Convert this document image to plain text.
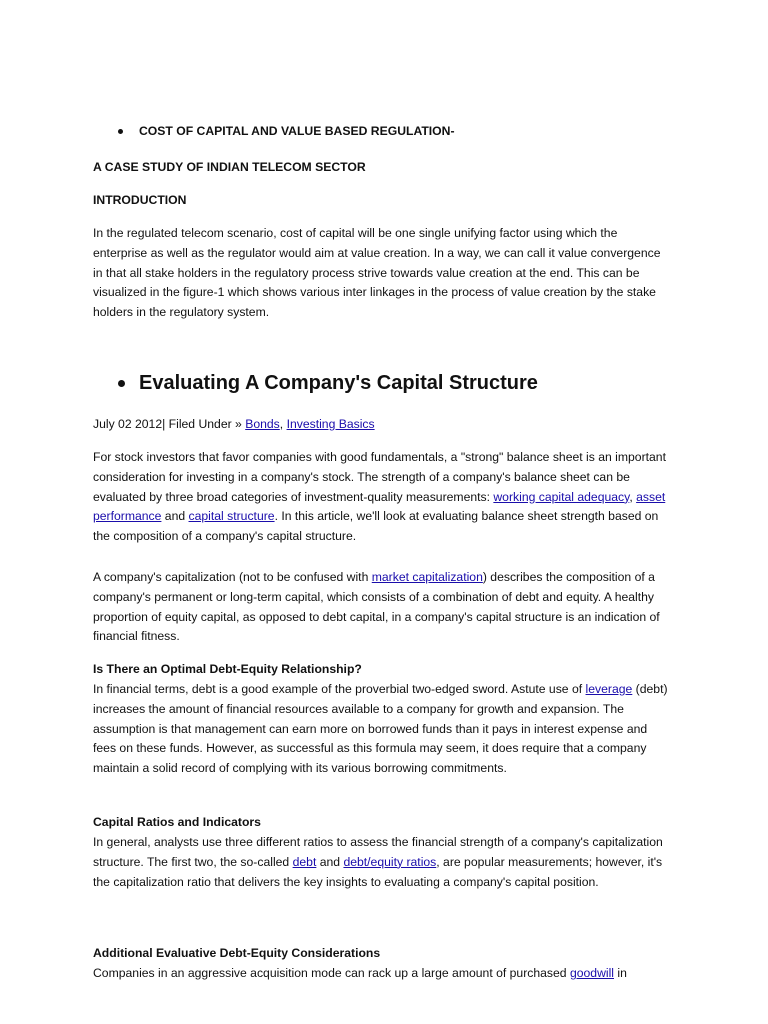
COST OF CAPITAL AND VALUE BASED REGULATION-
A CASE STUDY OF INDIAN TELECOM SECTOR
INTRODUCTION
In the regulated telecom scenario, cost of capital will be one single unifying factor using which the enterprise as well as the regulator would aim at value creation. In a way, we can call it value convergence in that all stake holders in the regulatory process strive towards value creation at the end. This can be visualized in the figure-1 which shows various inter linkages in the process of value creation by the stake holders in the regulatory system.
Evaluating A Company's Capital Structure
July 02 2012| Filed Under » Bonds, Investing Basics
For stock investors that favor companies with good fundamentals, a "strong" balance sheet is an important consideration for investing in a company's stock. The strength of a company's balance sheet can be evaluated by three broad categories of investment-quality measurements: working capital adequacy, asset performance and capital structure. In this article, we'll look at evaluating balance sheet strength based on the composition of a company's capital structure.
A company's capitalization (not to be confused with market capitalization) describes the composition of a company's permanent or long-term capital, which consists of a combination of debt and equity. A healthy proportion of equity capital, as opposed to debt capital, in a company's capital structure is an indication of financial fitness.
Is There an Optimal Debt-Equity Relationship?
In financial terms, debt is a good example of the proverbial two-edged sword. Astute use of leverage (debt) increases the amount of financial resources available to a company for growth and expansion. The assumption is that management can earn more on borrowed funds than it pays in interest expense and fees on these funds. However, as successful as this formula may seem, it does require that a company maintain a solid record of complying with its various borrowing commitments.
Capital Ratios and Indicators
In general, analysts use three different ratios to assess the financial strength of a company's capitalization structure. The first two, the so-called debt and debt/equity ratios, are popular measurements; however, it's the capitalization ratio that delivers the key insights to evaluating a company's capital position.
Additional Evaluative Debt-Equity Considerations
Companies in an aggressive acquisition mode can rack up a large amount of purchased goodwill in
